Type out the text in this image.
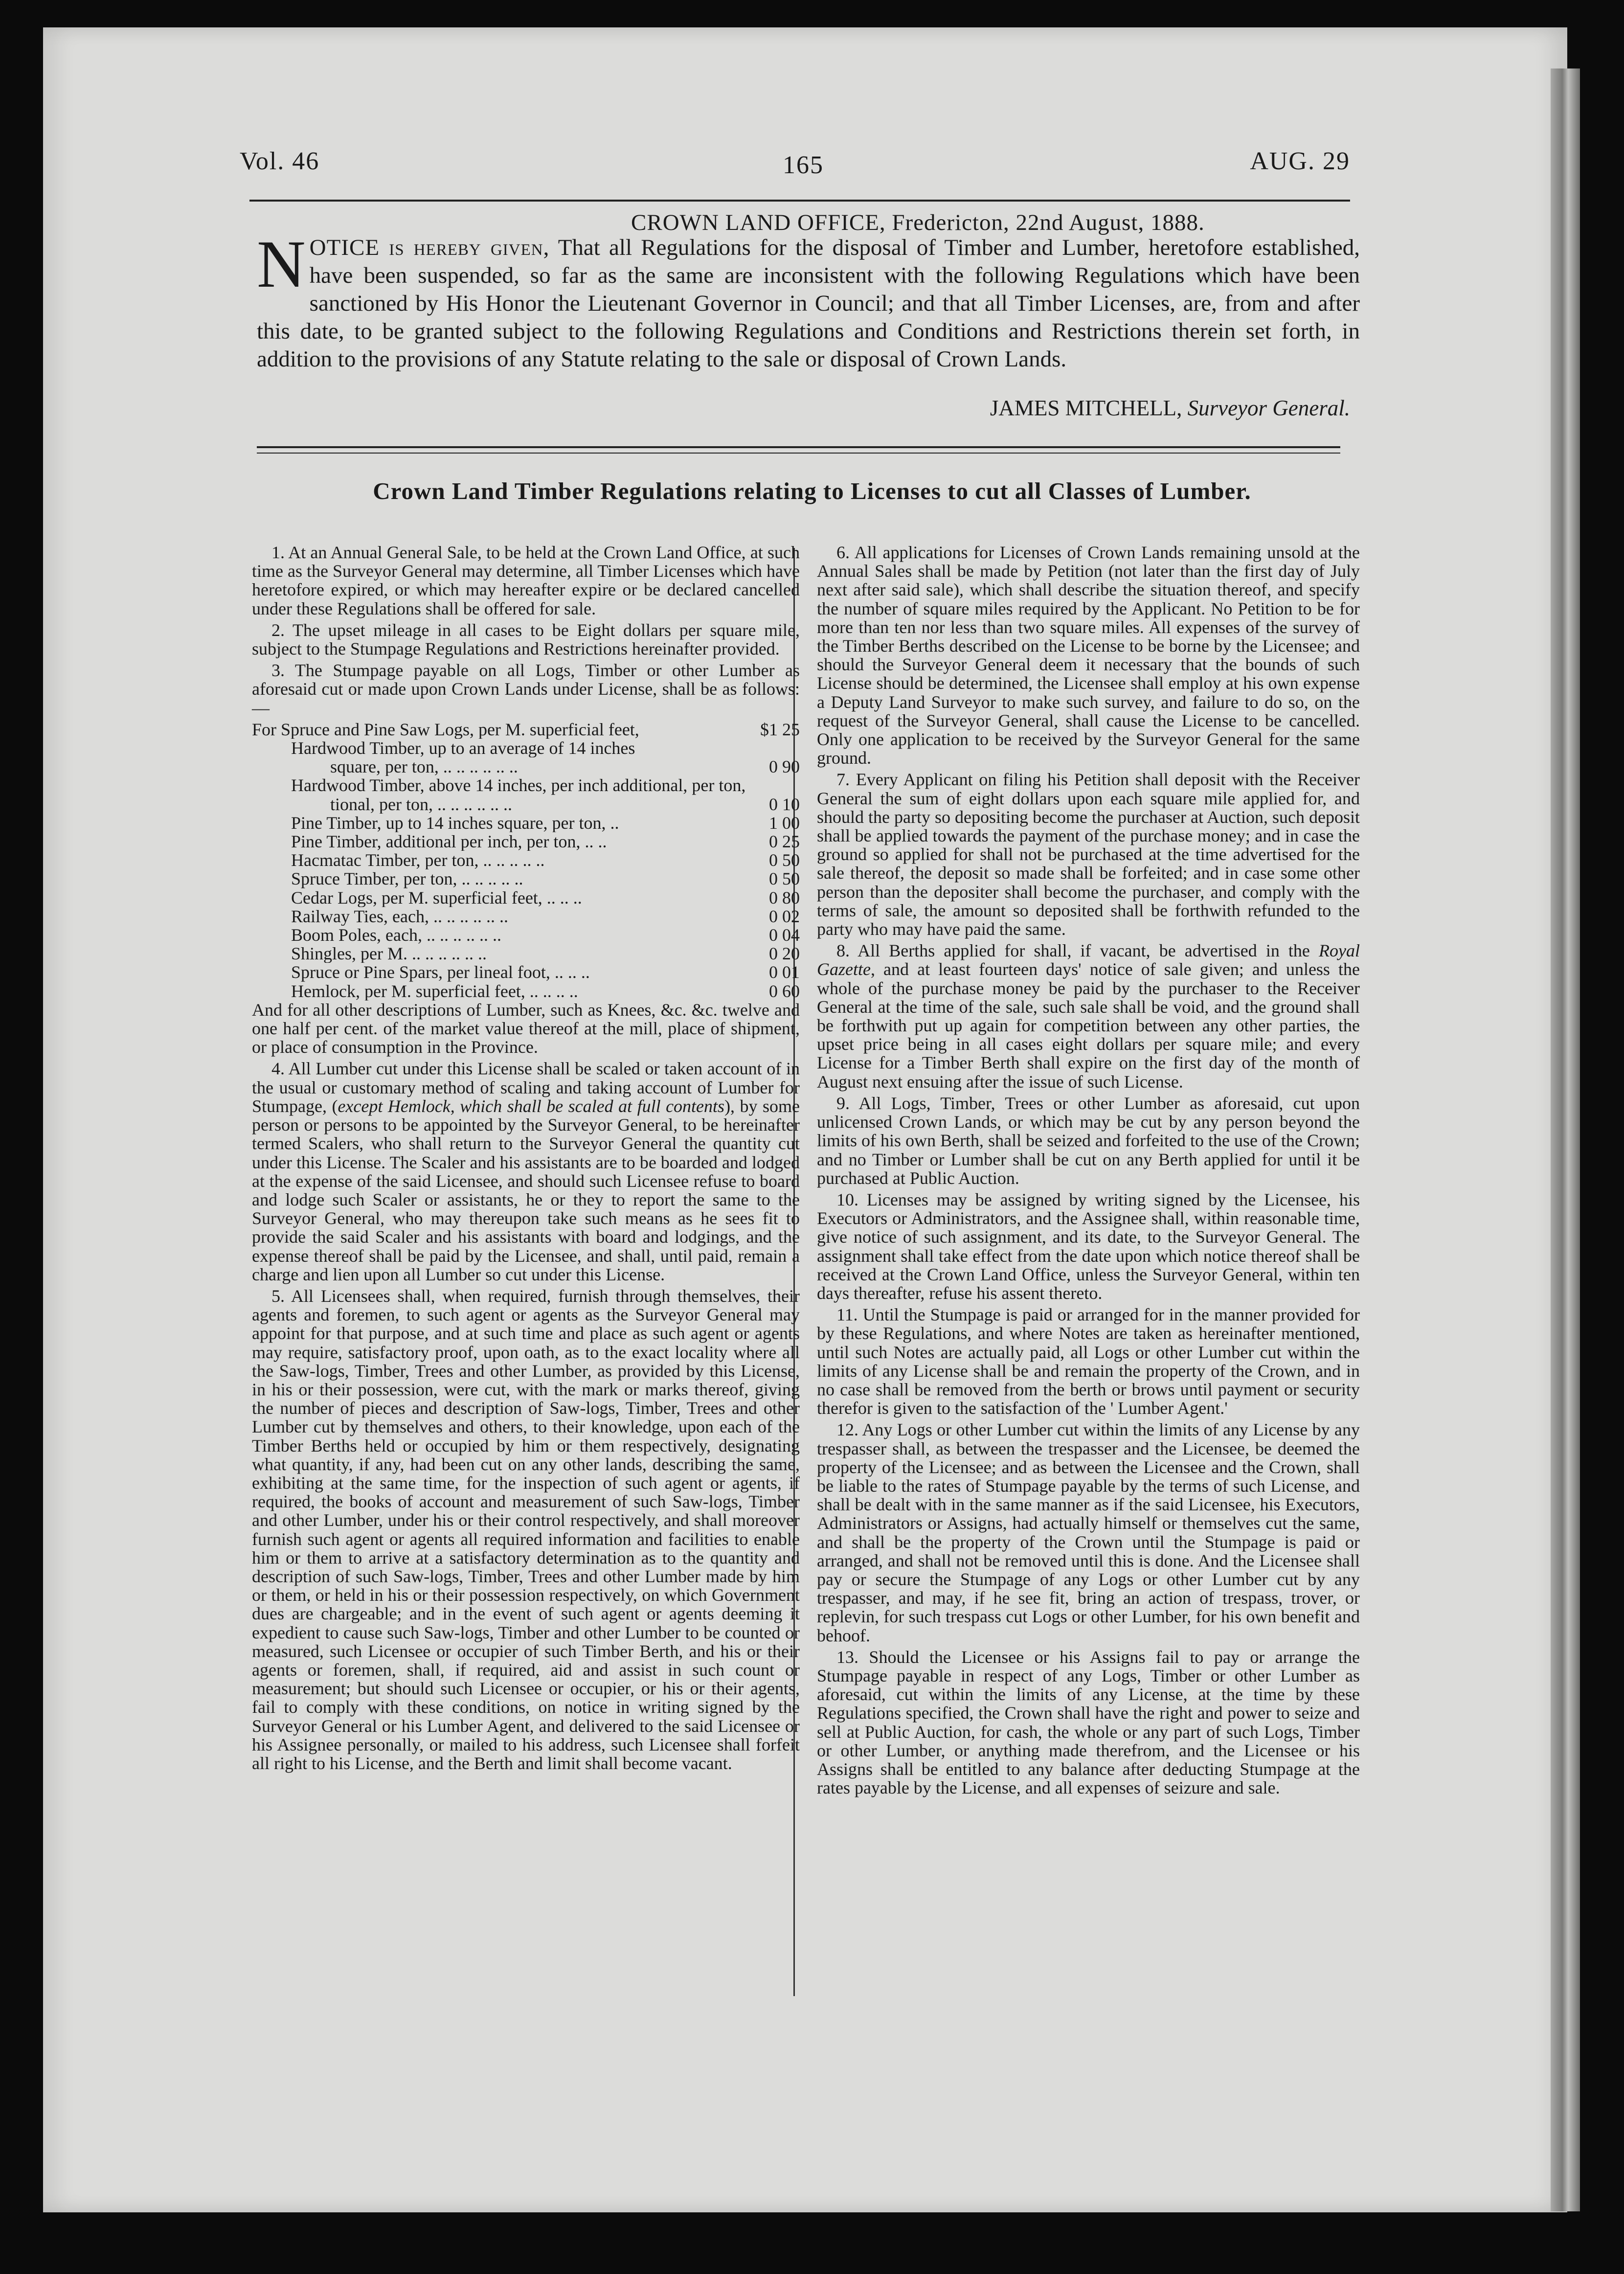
Vol. 46	165	AUG. 29
CROWN LAND OFFICE, Fredericton, 22nd August, 1888.
NOTICE is hereby given, That all Regulations for the disposal of Timber and Lumber, heretofore established, have been suspended, so far as the same are inconsistent with the following Regulations which have been sanctioned by His Honor the Lieutenant Governor in Council; and that all Timber Licenses, are, from and after this date, to be granted subject to the following Regulations and Conditions and Restrictions therein set forth, in addition to the provisions of any Statute relating to the sale or disposal of Crown Lands.
JAMES MITCHELL, Surveyor General.
Crown Land Timber Regulations relating to Licenses to cut all Classes of Lumber.

1. At an Annual General Sale, to be held at the Crown Land Office, at such time as the Surveyor General may determine, all Timber Licenses which have heretofore expired, or which may hereafter expire or be declared cancelled under these Regulations shall be offered for sale.

2. The upset mileage in all cases to be Eight dollars per square mile, subject to the Stumpage Regulations and Restrictions hereinafter provided.

3. The Stumpage payable on all Logs, Timber or other Lumber as aforesaid cut or made upon Crown Lands under License, shall be as follows:—

For Spruce and Pine Saw Logs, per M. superficial feet,	$1 25
Hardwood Timber, up to an average of 14 inches
square, per ton, .. .. .. .. .. ..	0 90
Hardwood Timber, above 14 inches, per inch additional, per ton,
tional, per ton, .. .. .. .. .. ..	0 10
Pine Timber, up to 14 inches square, per ton, ..	1 00
Pine Timber, additional per inch, per ton, .. ..	0 25
Hacmatac Timber, per ton, .. .. .. .. ..	0 50
Spruce Timber, per ton, .. .. .. .. ..	0 50
Cedar Logs, per M. superficial feet, .. .. ..	0 80
Railway Ties, each, .. .. .. .. .. ..	0 02
Boom Poles, each, .. .. .. .. .. ..	0 04
Shingles, per M. .. .. .. .. .. ..	0 20
Spruce or Pine Spars, per lineal foot, .. .. ..	0 01
Hemlock, per M. superficial feet, .. .. .. ..	0 60

And for all other descriptions of Lumber, such as Knees, &c. &c. twelve and one half per cent. of the market value thereof at the mill, place of shipment, or place of consumption in the Province.

4. All Lumber cut under this License shall be scaled or taken account of in the usual or customary method of scaling and taking account of Lumber for Stumpage, (except Hemlock, which shall be scaled at full contents), by some person or persons to be appointed by the Surveyor General, to be hereinafter termed Scalers, who shall return to the Surveyor General the quantity cut under this License. The Scaler and his assistants are to be boarded and lodged at the expense of the said Licensee, and should such Licensee refuse to board and lodge such Scaler or assistants, he or they to report the same to the Surveyor General, who may thereupon take such means as he sees fit to provide the said Scaler and his assistants with board and lodgings, and the expense thereof shall be paid by the Licensee, and shall, until paid, remain a charge and lien upon all Lumber so cut under this License.

5. All Licensees shall, when required, furnish through themselves, their agents and foremen, to such agent or agents as the Surveyor General may appoint for that purpose, and at such time and place as such agent or agents may require, satisfactory proof, upon oath, as to the exact locality where all the Saw-logs, Timber, Trees and other Lumber, as provided by this License, in his or their possession, were cut, with the mark or marks thereof, giving the number of pieces and description of Saw-logs, Timber, Trees and other Lumber cut by themselves and others, to their knowledge, upon each of the Timber Berths held or occupied by him or them respectively, designating what quantity, if any, had been cut on any other lands, describing the same, exhibiting at the same time, for the inspection of such agent or agents, if required, the books of account and measurement of such Saw-logs, Timber and other Lumber, under his or their control respectively, and shall moreover furnish such agent or agents all required information and facilities to enable him or them to arrive at a satisfactory determination as to the quantity and description of such Saw-logs, Timber, Trees and other Lumber made by him or them, or held in his or their possession respectively, on which Government dues are chargeable; and in the event of such agent or agents deeming it expedient to cause such Saw-logs, Timber and other Lumber to be counted or measured, such Licensee or occupier of such Timber Berth, and his or their agents or foremen, shall, if required, aid and assist in such count or measurement; but should such Licensee or occupier, or his or their agents, fail to comply with these conditions, on notice in writing signed by the Surveyor General or his Lumber Agent, and delivered to the said Licensee or his Assignee personally, or mailed to his address, such Licensee shall forfeit all right to his License, and the Berth and limit shall become vacant.

6. All applications for Licenses of Crown Lands remaining unsold at the Annual Sales shall be made by Petition (not later than the first day of July next after said sale), which shall describe the situation thereof, and specify the number of square miles required by the Applicant. No Petition to be for more than ten nor less than two square miles. All expenses of the survey of the Timber Berths described on the License to be borne by the Licensee; and should the Surveyor General deem it necessary that the bounds of such License should be determined, the Licensee shall employ at his own expense a Deputy Land Surveyor to make such survey, and failure to do so, on the request of the Surveyor General, shall cause the License to be cancelled. Only one application to be received by the Surveyor General for the same ground.

7. Every Applicant on filing his Petition shall deposit with the Receiver General the sum of eight dollars upon each square mile applied for, and should the party so depositing become the purchaser at Auction, such deposit shall be applied towards the payment of the purchase money; and in case the ground so applied for shall not be purchased at the time advertised for the sale thereof, the deposit so made shall be forfeited; and in case some other person than the depositer shall become the purchaser, and comply with the terms of sale, the amount so deposited shall be forthwith refunded to the party who may have paid the same.

8. All Berths applied for shall, if vacant, be advertised in the Royal Gazette, and at least fourteen days' notice of sale given; and unless the whole of the purchase money be paid by the purchaser to the Receiver General at the time of the sale, such sale shall be void, and the ground shall be forthwith put up again for competition between any other parties, the upset price being in all cases eight dollars per square mile; and every License for a Timber Berth shall expire on the first day of the month of August next ensuing after the issue of such License.

9. All Logs, Timber, Trees or other Lumber as aforesaid, cut upon unlicensed Crown Lands, or which may be cut by any person beyond the limits of his own Berth, shall be seized and forfeited to the use of the Crown; and no Timber or Lumber shall be cut on any Berth applied for until it be purchased at Public Auction.

10. Licenses may be assigned by writing signed by the Licensee, his Executors or Administrators, and the Assignee shall, within reasonable time, give notice of such assignment, and its date, to the Surveyor General. The assignment shall take effect from the date upon which notice thereof shall be received at the Crown Land Office, unless the Surveyor General, within ten days thereafter, refuse his assent thereto.

11. Until the Stumpage is paid or arranged for in the manner provided for by these Regulations, and where Notes are taken as hereinafter mentioned, until such Notes are actually paid, all Logs or other Lumber cut within the limits of any License shall be and remain the property of the Crown, and in no case shall be removed from the berth or brows until payment or security therefor is given to the satisfaction of the ' Lumber Agent.'

12. Any Logs or other Lumber cut within the limits of any License by any trespasser shall, as between the trespasser and the Licensee, be deemed the property of the Licensee; and as between the Licensee and the Crown, shall be liable to the rates of Stumpage payable by the terms of such License, and shall be dealt with in the same manner as if the said Licensee, his Executors, Administrators or Assigns, had actually himself or themselves cut the same, and shall be the property of the Crown until the Stumpage is paid or arranged, and shall not be removed until this is done. And the Licensee shall pay or secure the Stumpage of any Logs or other Lumber cut by any trespasser, and may, if he see fit, bring an action of trespass, trover, or replevin, for such trespass cut Logs or other Lumber, for his own benefit and behoof.

13. Should the Licensee or his Assigns fail to pay or arrange the Stumpage payable in respect of any Logs, Timber or other Lumber as aforesaid, cut within the limits of any License, at the time by these Regulations specified, the Crown shall have the right and power to seize and sell at Public Auction, for cash, the whole or any part of such Logs, Timber or other Lumber, or anything made therefrom, and the Licensee or his Assigns shall be entitled to any balance after deducting Stumpage at the rates payable by the License, and all expenses of seizure and sale.
